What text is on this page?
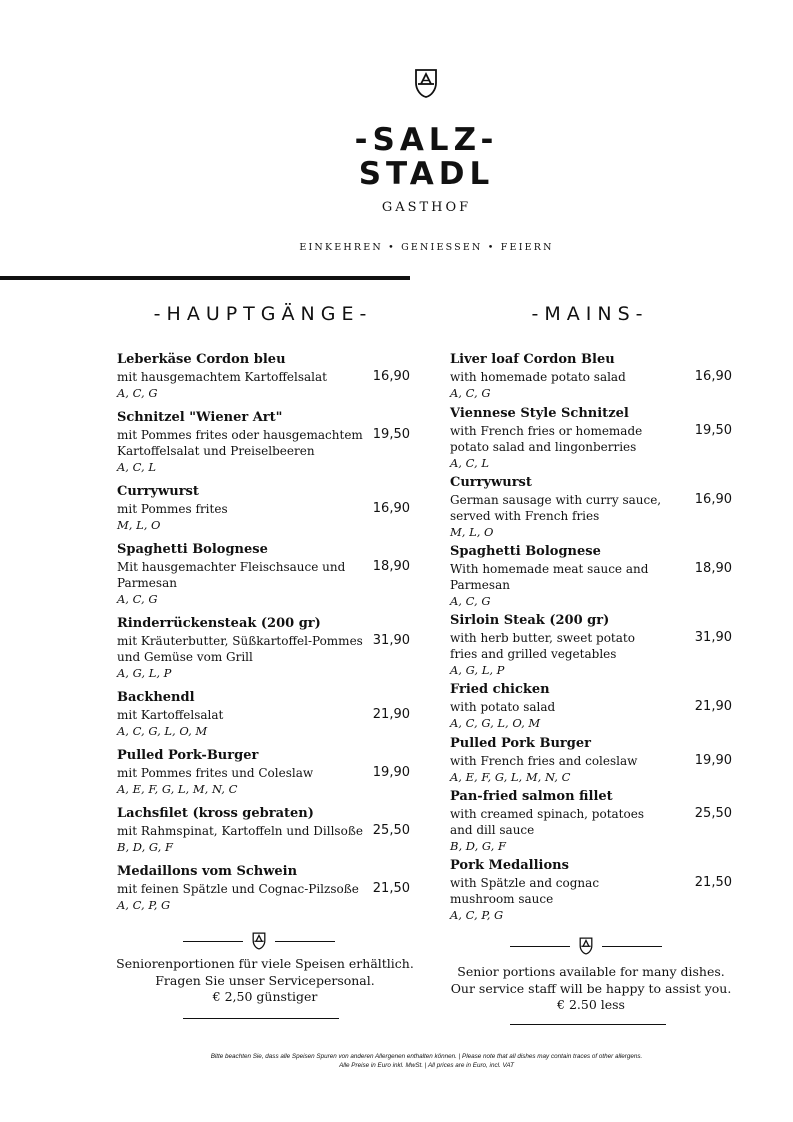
-SALZ-
STADL
GASTHOF
EINKEHREN • GENIESSEN • FEIERN
-HAUPTGÄNGE-	-MAINS-
Leberkäse Cordon bleu
mit hausgemachtem Kartoffelsalat	16,90
A, C, G
Schnitzel "Wiener Art"
mit Pommes frites oder hausgemachtem Kartoffelsalat und Preiselbeeren
19,50
A, C, L
Currywurst
mit Pommes frites	16,90
M, L, O
Spaghetti Bolognese
Mit hausgemachter Fleischsauce und Parmesan
18,90
A, C, G
Rinderrückensteak (200 gr)
mit Kräuterbutter, Süßkartoffel-Pommes und Gemüse vom Grill
31,90
A, G, L, P
Backhendl
mit Kartoffelsalat	21,90
A, C, G, L, O, M
Pulled Pork-Burger
mit Pommes frites und Coleslaw	19,90
A, E, F, G, L, M, N, C
Lachsfilet (kross gebraten)
mit Rahmspinat, Kartoffeln und Dillsoße 25,50
B, D, G, F
Medaillons vom Schwein
mit feinen Spätzle und Cognac-Pilzsoße	21,50
A, C, P, G
Liver loaf Cordon Bleu
with homemade potato salad	16,90
A, C, G
Viennese Style Schnitzel
with French fries or homemade potato salad and lingonberries
19,50
A, C, L
Currywurst
German sausage with curry sauce, served with French fries
16,90
M, L, O
Spaghetti Bolognese
With homemade meat sauce and Parmesan
18,90
A, C, G
Sirloin Steak (200 gr)
with herb butter, sweet potato fries and grilled vegetables
31,90
A, G, L, P
Fried chicken
with potato salad	21,90
A, C, G, L, O, M
Pulled Pork Burger
with French fries and coleslaw	19,90
A, E, F, G, L, M, N, C
Pan-fried salmon fillet
with creamed spinach, potatoes and dill sauce
25,50
B, D, G, F
Pork Medallions
with Spätzle and cognac mushroom sauce
21,50
A, C, P, G
Seniorenportionen für viele Speisen erhältlich.
Fragen Sie unser Servicepersonal.
€ 2,50 günstiger
Senior portions available for many dishes.
Our service staff will be happy to assist you.
€ 2.50 less
Bitte beachten Sie, dass alle Speisen Spuren von anderen Allergenen enthalten können. | Please note that all dishes may contain traces of other allergens.
Alle Preise in Euro inkl. MwSt. | All prices are in Euro, incl. VAT
